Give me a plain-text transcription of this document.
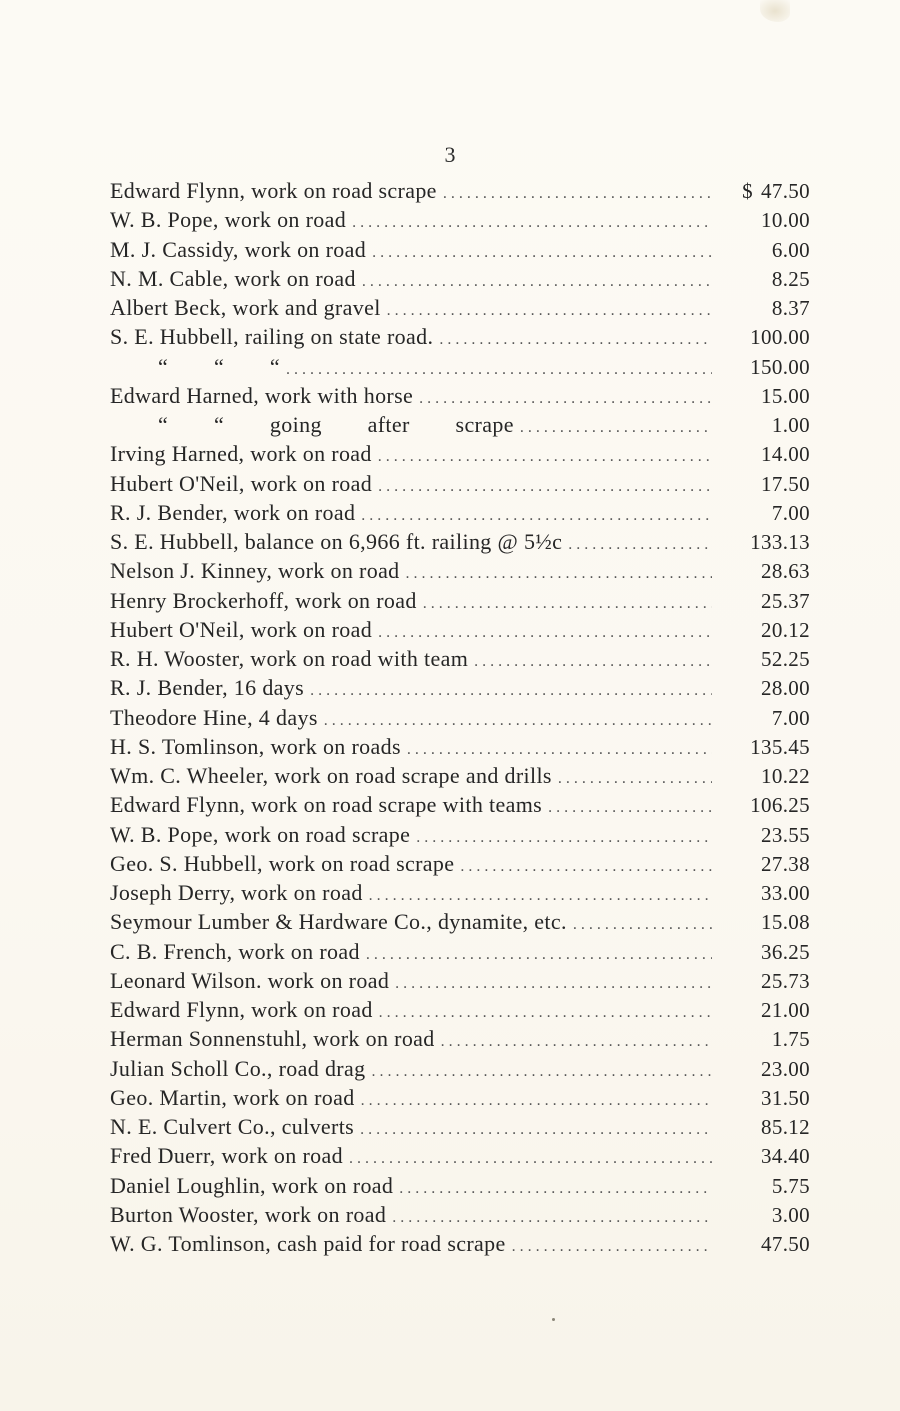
3
Edward Flynn, work on road scrape .....	$ 47.50
W. B. Pope, work on road .....	10.00
M. J. Cassidy, work on road .....	6.00
N. M. Cable, work on road .....	8.25
Albert Beck, work and gravel .....	8.37
S. E. Hubbell, railing on state road. .....	100.00
“ “ “ .....	150.00
Edward Harned, work with horse .....	15.00
“ “ going after scrape .....	1.00
Irving Harned, work on road .....	14.00
Hubert O'Neil, work on road .....	17.50
R. J. Bender, work on road .....	7.00
S. E. Hubbell, balance on 6,966 ft. railing @ 5½c .....	133.13
Nelson J. Kinney, work on road .....	28.63
Henry Brockerhoff, work on road .....	25.37
Hubert O'Neil, work on road .....	20.12
R. H. Wooster, work on road with team .....	52.25
R. J. Bender, 16 days .....	28.00
Theodore Hine, 4 days .....	7.00
H. S. Tomlinson, work on roads .....	135.45
Wm. C. Wheeler, work on road scrape and drills .....	10.22
Edward Flynn, work on road scrape with teams .....	106.25
W. B. Pope, work on road scrape .....	23.55
Geo. S. Hubbell, work on road scrape .....	27.38
Joseph Derry, work on road .....	33.00
Seymour Lumber & Hardware Co., dynamite, etc. .....	15.08
C. B. French, work on road .....	36.25
Leonard Wilson. work on road .....	25.73
Edward Flynn, work on road .....	21.00
Herman Sonnenstuhl, work on road .....	1.75
Julian Scholl Co., road drag .....	23.00
Geo. Martin, work on road .....	31.50
N. E. Culvert Co., culverts .....	85.12
Fred Duerr, work on road .....	34.40
Daniel Loughlin, work on road .....	5.75
Burton Wooster, work on road .....	3.00
W. G. Tomlinson, cash paid for road scrape .....	47.50
